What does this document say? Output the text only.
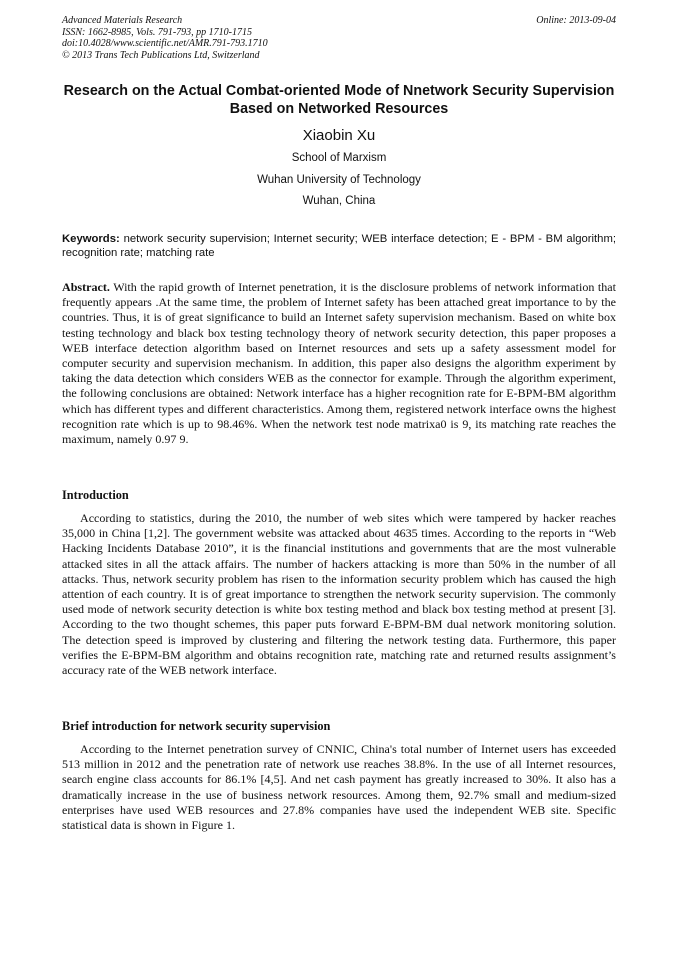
Advanced Materials Research
ISSN: 1662-8985, Vols. 791-793, pp 1710-1715
doi:10.4028/www.scientific.net/AMR.791-793.1710
© 2013 Trans Tech Publications Ltd, Switzerland
Online: 2013-09-04
Research on the Actual Combat-oriented Mode of Nnetwork Security Supervision Based on Networked Resources
Xiaobin Xu
School of Marxism
Wuhan University of Technology
Wuhan, China
Keywords: network security supervision; Internet security; WEB interface detection; E - BPM - BM algorithm; recognition rate; matching rate

Abstract. With the rapid growth of Internet penetration, it is the disclosure problems of network information that frequently appears .At the same time, the problem of Internet safety has been attached great importance to by the countries. Thus, it is of great significance to build an Internet safety supervision mechanism. Based on white box testing technology and black box testing technology theory of network security detection, this paper proposes a WEB interface detection algorithm based on Internet resources and sets up a safety assessment model for computer security and supervision mechanism. In addition, this paper also designs the algorithm experiment by taking the data detection which considers WEB as the connector for example. Through the algorithm experiment, the following conclusions are obtained: Network interface has a higher recognition rate for E-BPM-BM algorithm which has different types and different characteristics. Among them, registered network interface owns the highest recognition rate which is up to 98.46%. When the network test node matrixa0 is 9, its matching rate reaches the maximum, namely 0.97 9.

Introduction

According to statistics, during the 2010, the number of web sites which were tampered by hacker reaches 35,000 in China [1,2]. The government website was attacked about 4635 times. According to the reports in “Web Hacking Incidents Database 2010”, it is the financial institutions and governments that are the most vulnerable attacked sites in all the attack affairs. The number of hackers attacking is more than 50% in the number of all attacks. Thus, network security problem has risen to the information security problem which has caused the high attention of each country. It is of great importance to strengthen the network security supervision. The commonly used mode of network security detection is white box testing method and black box testing method at present [3]. According to the two thought schemes, this paper puts forward E-BPM-BM dual network monitoring solution. The detection speed is improved by clustering and filtering the network testing data. Furthermore, this paper verifies the E-BPM-BM algorithm and obtains recognition rate, matching rate and returned results assignment’s accuracy rate of the WEB network interface.

Brief introduction for network security supervision

According to the Internet penetration survey of CNNIC, China's total number of Internet users has exceeded 513 million in 2012 and the penetration rate of network use reaches 38.8%. In the use of all Internet resources, search engine class accounts for 86.1% [4,5]. And net cash payment has greatly increased to 30%. It also has a dramatically increase in the use of business network resources. Among them, 92.7% small and medium-sized enterprises have used WEB resources and 27.8% companies have used the independent WEB site. Specific statistical data is shown in Figure 1.
